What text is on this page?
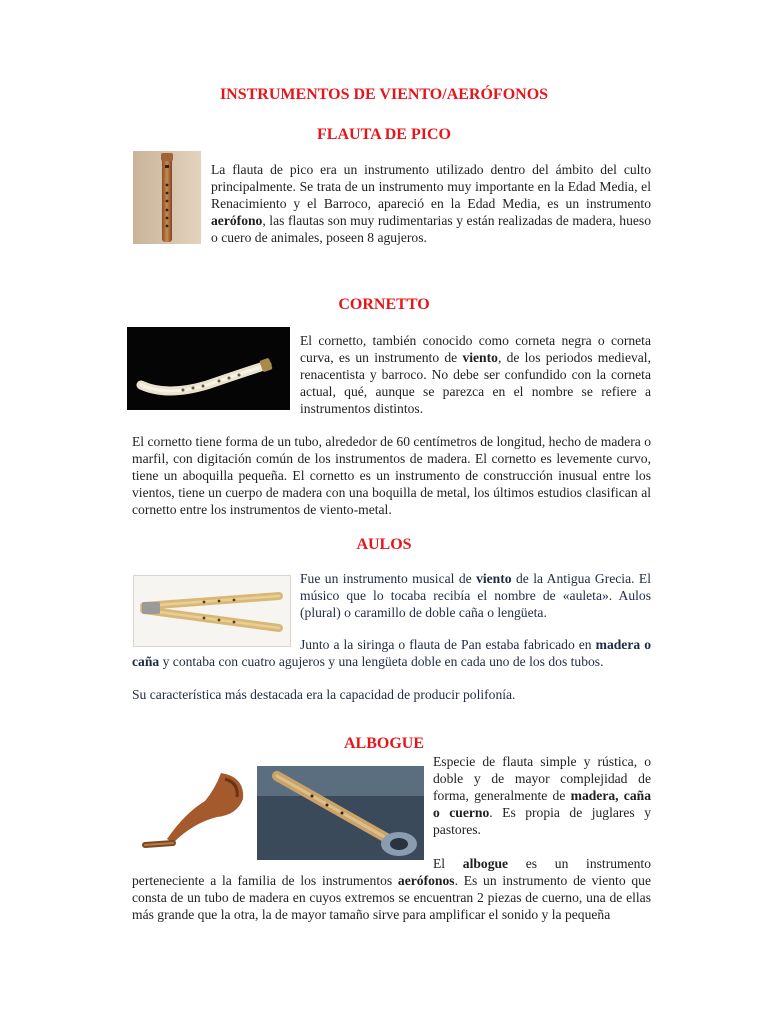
INSTRUMENTOS DE VIENTO/AERÓFONOS
FLAUTA DE PICO

La flauta de pico era un instrumento utilizado dentro del ámbito del culto principalmente. Se trata de un instrumento muy importante en la Edad Media, el Renacimiento y el Barroco, apareció en la Edad Media, es un instrumento aerófono, las flautas son muy rudimentarias y están realizadas de madera, hueso o cuero de animales, poseen 8 agujeros.

CORNETTO

El cornetto, también conocido como corneta negra o corneta curva, es un instrumento de viento, de los periodos medieval, renacentista y barroco. No debe ser confundido con la corneta actual, qué, aunque se parezca en el nombre se refiere a instrumentos distintos.

El cornetto tiene forma de un tubo, alrededor de 60 centímetros de longitud, hecho de madera o marfil, con digitación común de los instrumentos de madera. El cornetto es levemente curvo, tiene un aboquilla pequeña. El cornetto es un instrumento de construcción inusual entre los vientos, tiene un cuerpo de madera con una boquilla de metal, los últimos estudios clasifican al cornetto entre los instrumentos de viento-metal.

AULOS

Fue un instrumento musical de viento de la Antigua Grecia. El músico que lo tocaba recibía el nombre de «auleta». Aulos (plural) o caramillo de doble caña o lengüeta.

Junto a la siringa o flauta de Pan estaba fabricado en madera o caña y contaba con cuatro agujeros y una lengüeta doble en cada uno de los dos tubos.

Su característica más destacada era la capacidad de producir polifonía.

ALBOGUE

Especie de flauta simple y rústica, o doble y de mayor complejidad de forma, generalmente de madera, caña o cuerno. Es propia de juglares y pastores.

El albogue es un instrumento

perteneciente a la familia de los instrumentos aerófonos. Es un instrumento de viento que consta de un tubo de madera en cuyos extremos se encuentran 2 piezas de cuerno, una de ellas más grande que la otra, la de mayor tamaño sirve para amplificar el sonido y la pequeña
